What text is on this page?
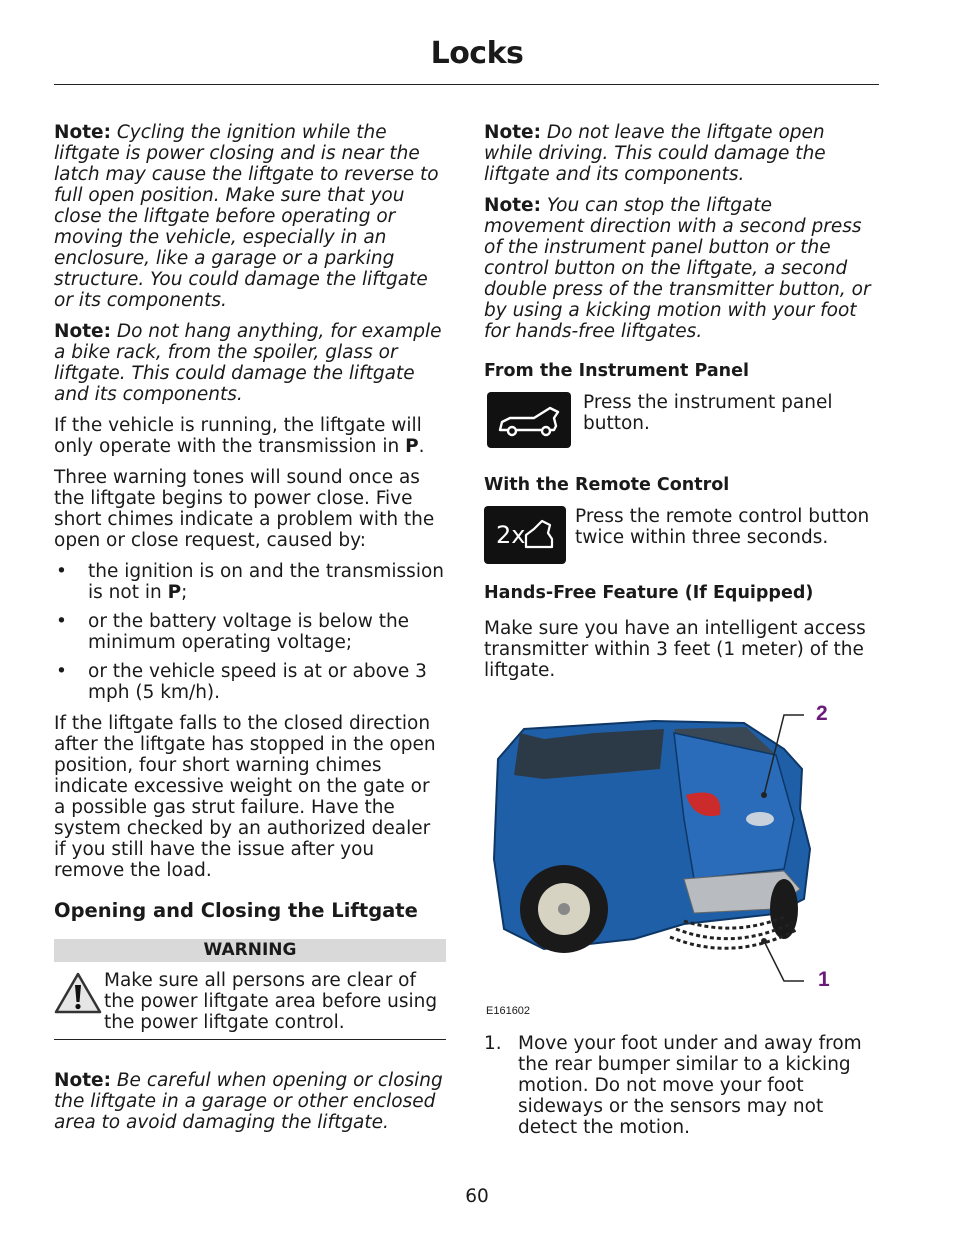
Locks

Note: Cycling the ignition while the liftgate is power closing and is near the latch may cause the liftgate to reverse to full open position. Make sure that you close the liftgate before operating or moving the vehicle, especially in an enclosure, like a garage or a parking structure. You could damage the liftgate or its components.

Note: Do not hang anything, for example a bike rack, from the spoiler, glass or liftgate. This could damage the liftgate and its components.

If the vehicle is running, the liftgate will only operate with the transmission in P.

Three warning tones will sound once as the liftgate begins to power close. Five short chimes indicate a problem with the open or close request, caused by:

• the ignition is on and the transmission is not in P;
• or the battery voltage is below the minimum operating voltage;
• or the vehicle speed is at or above 3 mph (5 km/h).

If the liftgate falls to the closed direction after the liftgate has stopped in the open position, four short warning chimes indicate excessive weight on the gate or a possible gas strut failure. Have the system checked by an authorized dealer if you still have the issue after you remove the load.

Opening and Closing the Liftgate
WARNING
Make sure all persons are clear of the power liftgate area before using the power liftgate control.

Note: Be careful when opening or closing the liftgate in a garage or other enclosed area to avoid damaging the liftgate.

Note: Do not leave the liftgate open while driving. This could damage the liftgate and its components.

Note: You can stop the liftgate movement direction with a second press of the instrument panel button or the control button on the liftgate, a second double press of the transmitter button, or by using a kicking motion with your foot for hands-free liftgates.

From the Instrument Panel
Press the instrument panel button.
With the Remote Control
2x
Press the remote control button twice within three seconds.
Hands-Free Feature (If Equipped)

Make sure you have an intelligent access transmitter within 3 feet (1 meter) of the liftgate.

2
1
E161602
1. Move your foot under and away from the rear bumper similar to a kicking motion. Do not move your foot sideways or the sensors may not detect the motion.
60
